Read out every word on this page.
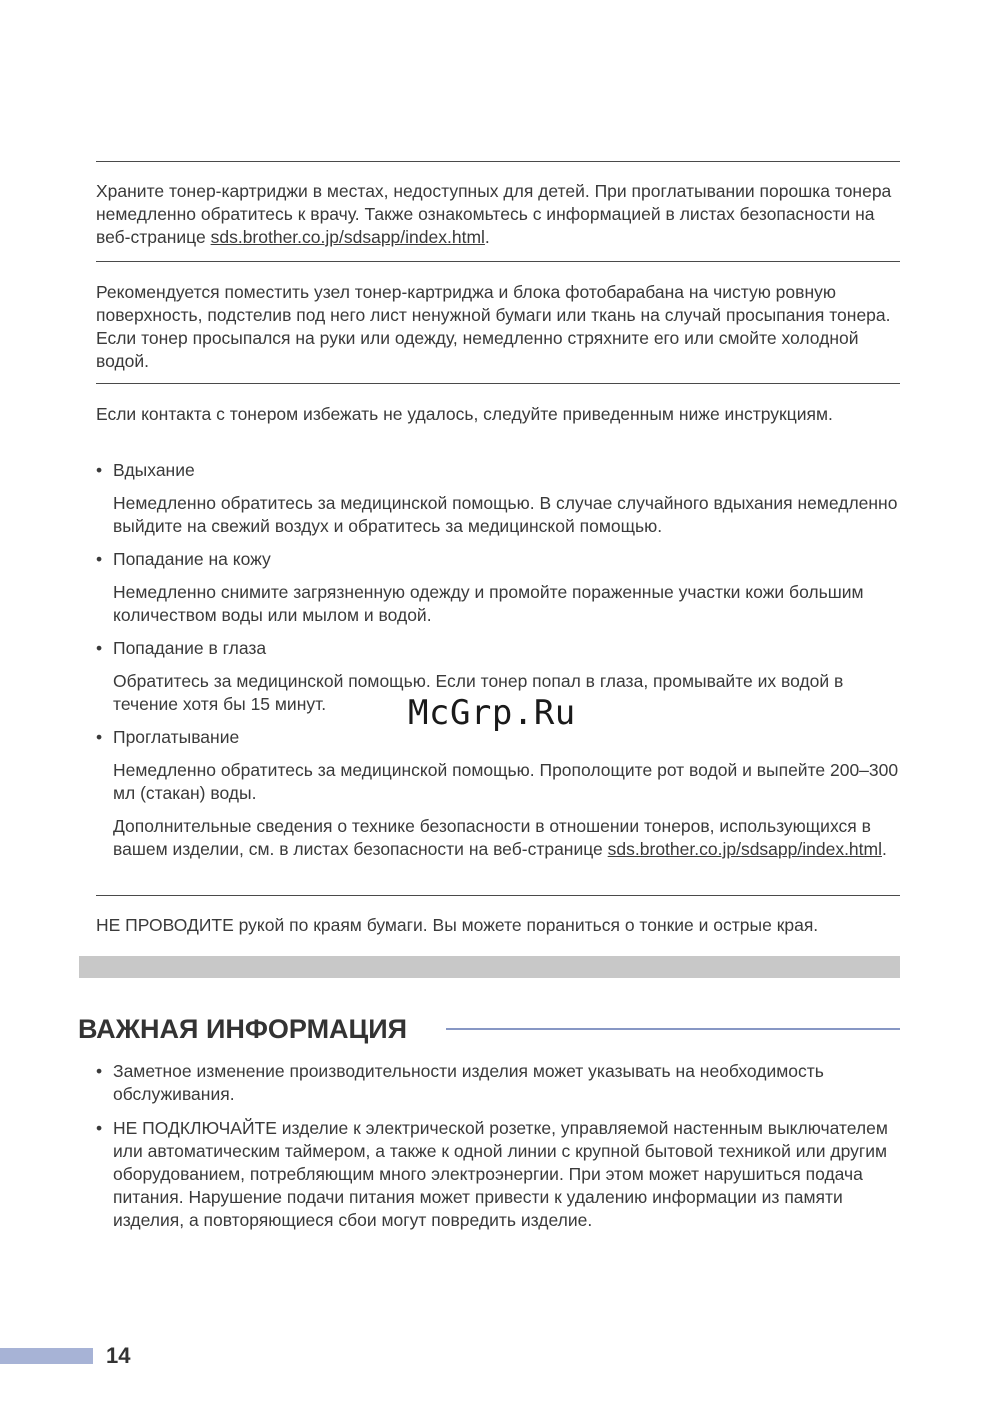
Храните тонер-картриджи в местах, недоступных для детей. При проглатывании порошка тонера немедленно обратитесь к врачу. Также ознакомьтесь с информацией в листах безопасности на веб-странице sds.brother.co.jp/sdsapp/index.html.

Рекомендуется поместить узел тонер-картриджа и блока фотобарабана на чистую ровную поверхность, подстелив под него лист ненужной бумаги или ткань на случай просыпания тонера. Если тонер просыпался на руки или одежду, немедленно стряхните его или смойте холодной водой.

Если контакта с тонером избежать не удалось, следуйте приведенным ниже инструкциям.

• Вдыхание

Немедленно обратитесь за медицинской помощью. В случае случайного вдыхания немедленно выйдите на свежий воздух и обратитесь за медицинской помощью.

• Попадание на кожу

Немедленно снимите загрязненную одежду и промойте пораженные участки кожи большим количеством воды или мылом и водой.

• Попадание в глаза

Обратитесь за медицинской помощью. Если тонер попал в глаза, промывайте их водой в течение хотя бы 15 минут.

• Проглатывание

Немедленно обратитесь за медицинской помощью. Прополощите рот водой и выпейте 200–300 мл (стакан) воды.

Дополнительные сведения о технике безопасности в отношении тонеров, использующихся в вашем изделии, см. в листах безопасности на веб-странице sds.brother.co.jp/sdsapp/index.html.

НЕ ПРОВОДИТЕ рукой по краям бумаги. Вы можете пораниться о тонкие и острые края.

ВАЖНАЯ ИНФОРМАЦИЯ
• Заметное изменение производительности изделия может указывать на необходимость обслуживания.
• НЕ ПОДКЛЮЧАЙТЕ изделие к электрической розетке, управляемой настенным выключателем или автоматическим таймером, а также к одной линии с крупной бытовой техникой или другим оборудованием, потребляющим много электроэнергии. При этом может нарушиться подача питания. Нарушение подачи питания может привести к удалению информации из памяти изделия, а повторяющиеся сбои могут повредить изделие.
14
McGrp.Ru
